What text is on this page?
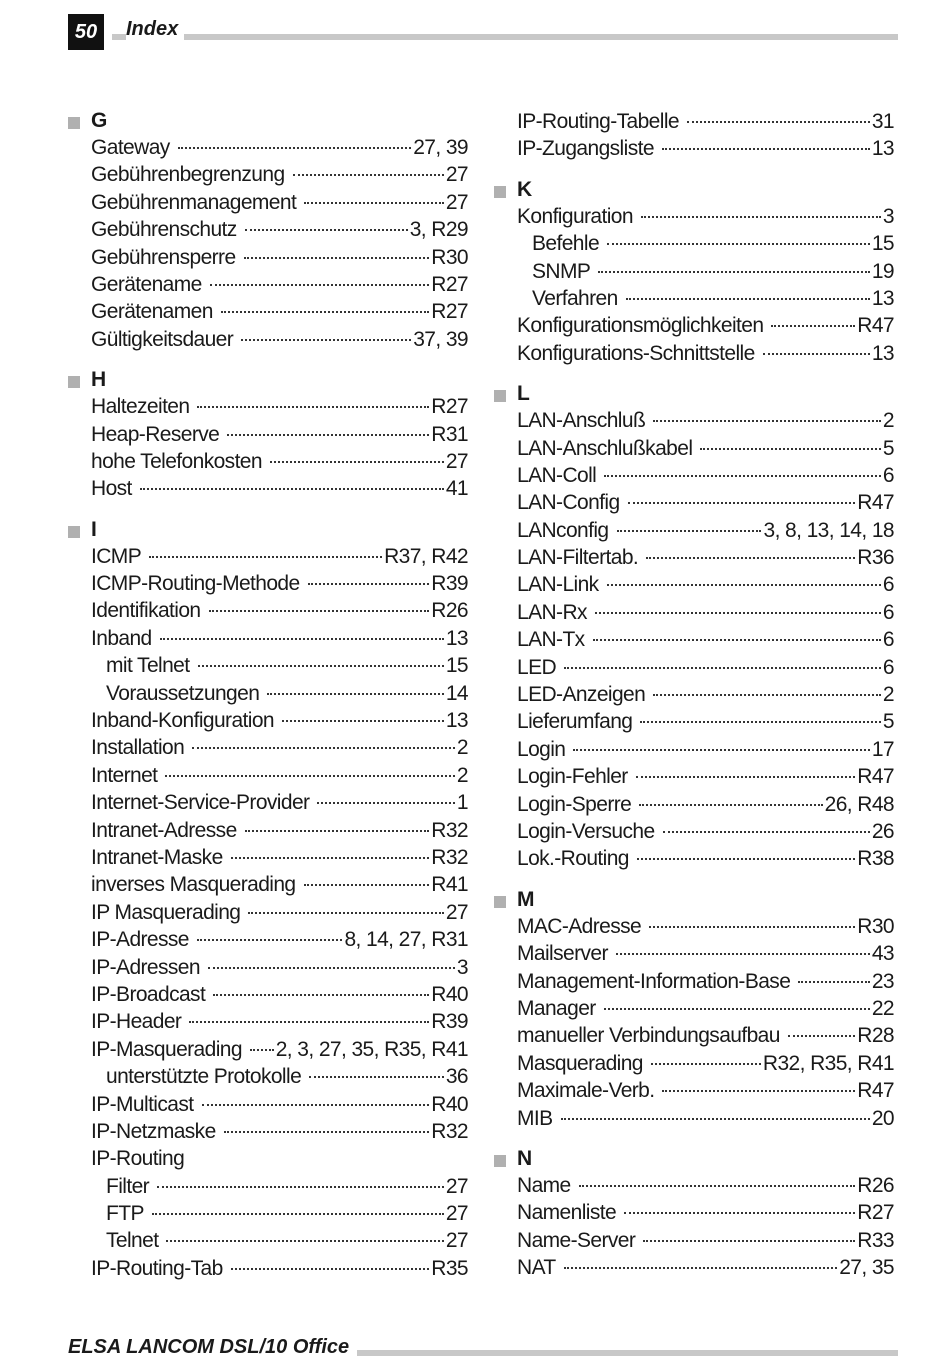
50	Index
G
Gateway	27, 39
Gebührenbegrenzung	27
Gebührenmanagement	27
Gebührenschutz	3, R29
Gebührensperre	R30
Gerätename	R27
Gerätenamen	R27
Gültigkeitsdauer	37, 39
H
Haltezeiten	R27
Heap-Reserve	R31
hohe Telefonkosten	27
Host	41
I
ICMP	R37, R42
ICMP-Routing-Methode	R39
Identifikation	R26
Inband	13
mit Telnet	15
Voraussetzungen	14
Inband-Konfiguration	13
Installation	2
Internet	2
Internet-Service-Provider	1
Intranet-Adresse	R32
Intranet-Maske	R32
inverses Masquerading	R41
IP Masquerading	27
IP-Adresse	8, 14, 27, R31
IP-Adressen	3
IP-Broadcast	R40
IP-Header	R39
IP-Masquerading 2, 3, 27, 35, R35, R41
unterstützte Protokolle	36
IP-Multicast	R40
IP-Netzmaske	R32
IP-Routing
Filter	27
FTP	27
Telnet	27
IP-Routing-Tab	R35
IP-Routing-Tabelle	31
IP-Zugangsliste	13
K
Konfiguration	3
Befehle	15
SNMP	19
Verfahren	13
Konfigurationsmöglichkeiten	R47
Konfigurations-Schnittstelle	13
L
LAN-Anschluß	2
LAN-Anschlußkabel	5
LAN-Coll	6
LAN-Config	R47
LANconfig	3, 8, 13, 14, 18
LAN-Filtertab.	R36
LAN-Link	6
LAN-Rx	6
LAN-Tx	6
LED	6
LED-Anzeigen	2
Lieferumfang	5
Login	17
Login-Fehler	R47
Login-Sperre	26, R48
Login-Versuche	26
Lok.-Routing	R38
M
MAC-Adresse	R30
Mailserver	43
Management-Information-Base	23
Manager	22
manueller Verbindungsaufbau	R28
Masquerading	R32, R35, R41
Maximale-Verb.	R47
MIB	20
N
Name	R26
Namenliste	R27
Name-Server	R33
NAT	27, 35
ELSA LANCOM DSL/10 Office
